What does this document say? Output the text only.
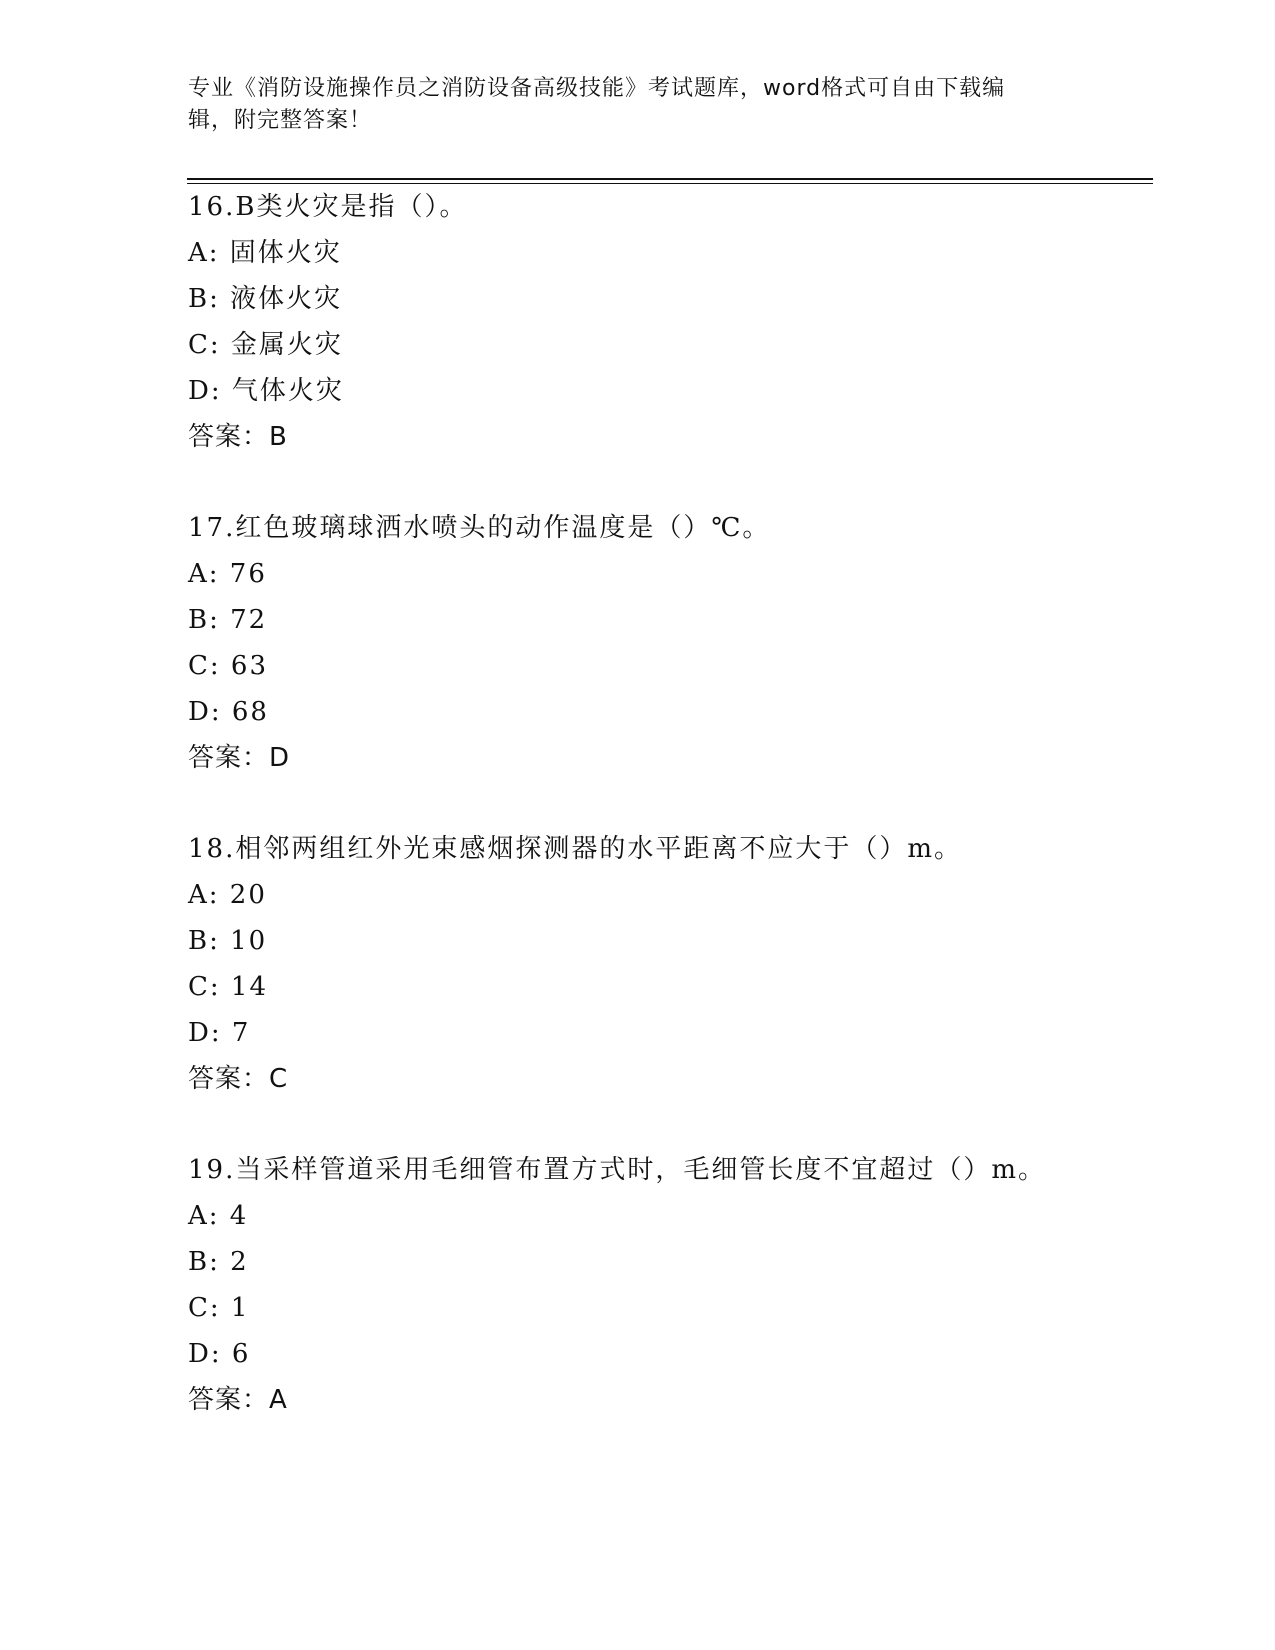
专业《消防设施操作员之消防设备高级技能》考试题库，word格式可自由下载编
辑，附完整答案！
16.B类火灾是指（）。
A: 固体火灾
B: 液体火灾
C: 金属火灾
D: 气体火灾
答案：B
17.红色玻璃球洒水喷头的动作温度是（）℃。
A: 76
B: 72
C: 63
D: 68
答案：D
18.相邻两组红外光束感烟探测器的水平距离不应大于（）m。
A: 20
B: 10
C: 14
D: 7
答案：C
19.当采样管道采用毛细管布置方式时，毛细管长度不宜超过（）m。
A: 4
B: 2
C: 1
D: 6
答案：A
